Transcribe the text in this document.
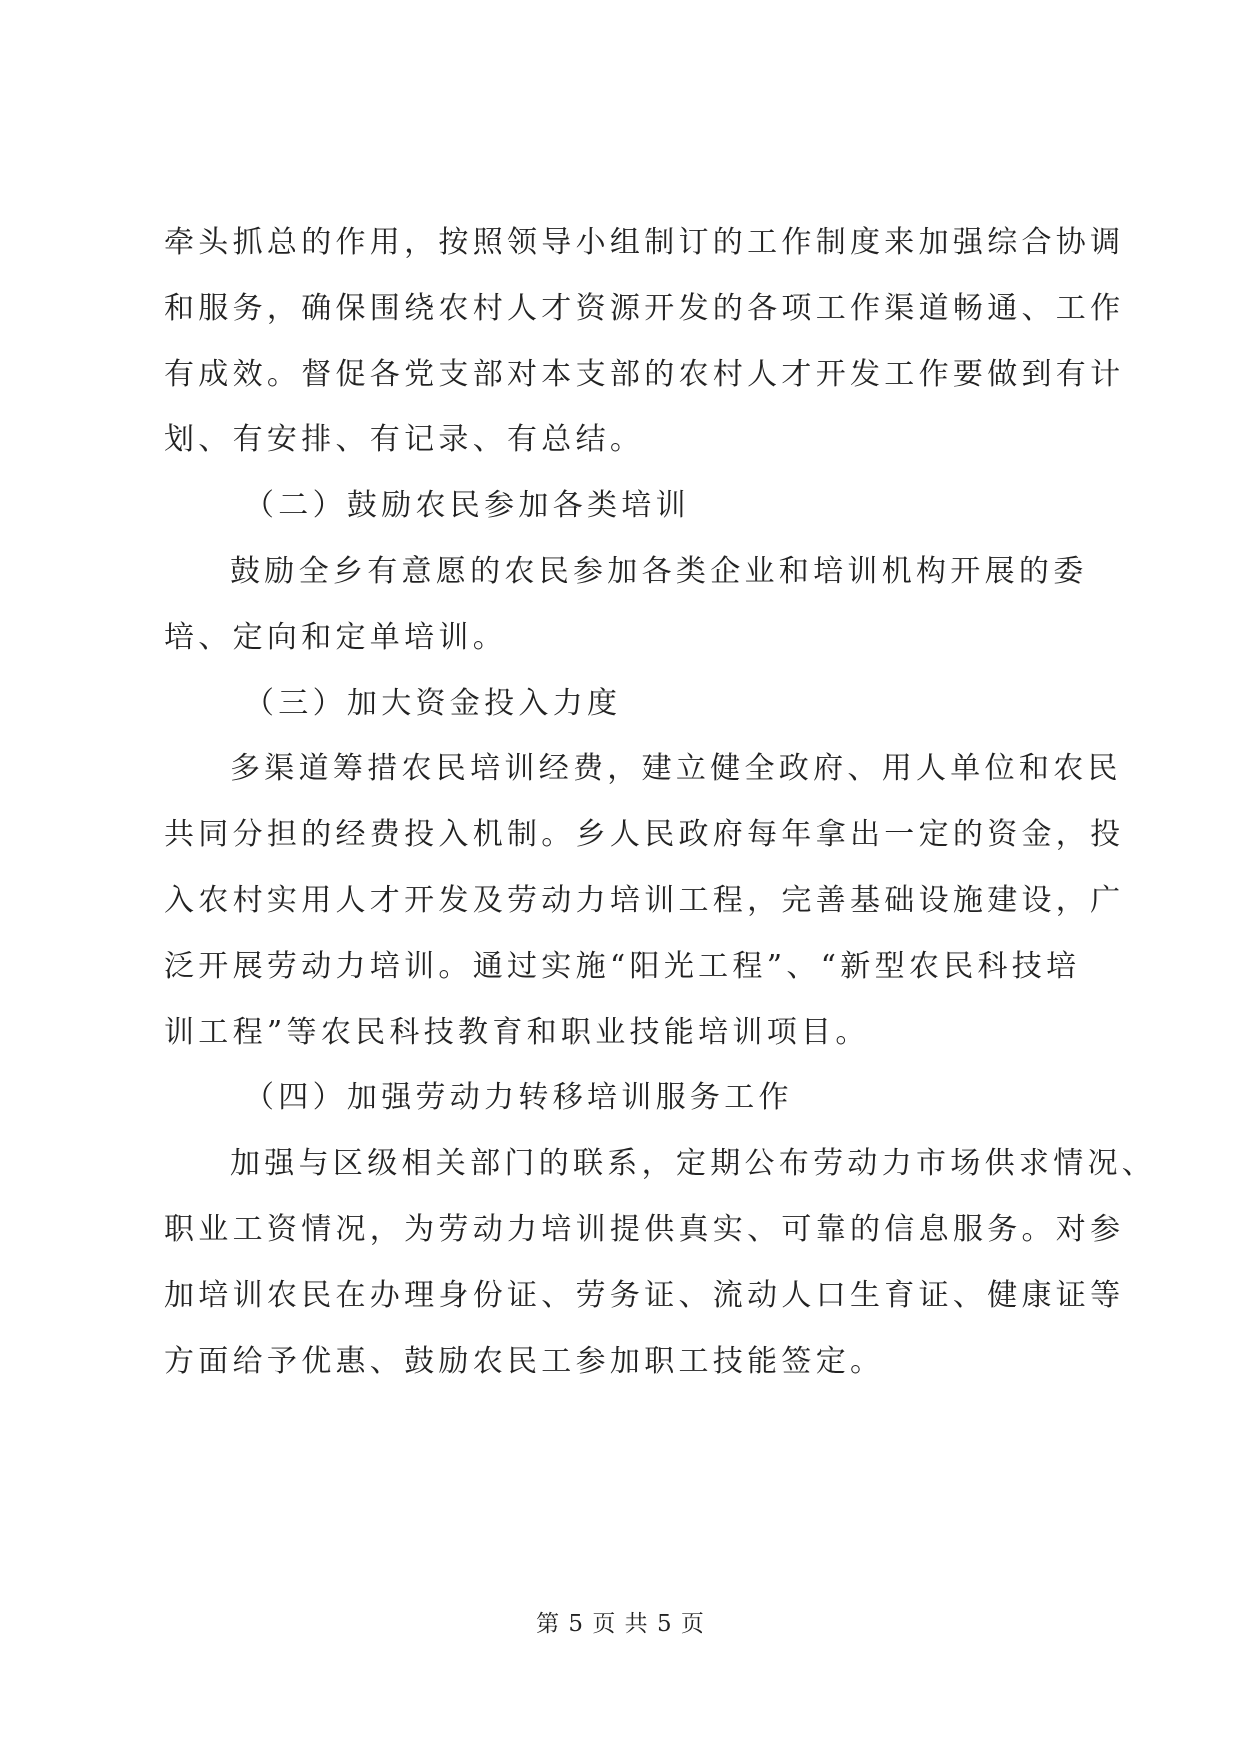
牵头抓总的作用，按照领导小组制订的工作制度来加强综合协调
和服务，确保围绕农村人才资源开发的各项工作渠道畅通、工作
有成效。督促各党支部对本支部的农村人才开发工作要做到有计
划、有安排、有记录、有总结。
（二）鼓励农民参加各类培训
鼓励全乡有意愿的农民参加各类企业和培训机构开展的委
培、定向和定单培训。
（三）加大资金投入力度
多渠道筹措农民培训经费，建立健全政府、用人单位和农民
共同分担的经费投入机制。乡人民政府每年拿出一定的资金，投
入农村实用人才开发及劳动力培训工程，完善基础设施建设，广
泛开展劳动力培训。通过实施“阳光工程”、“新型农民科技培
训工程”等农民科技教育和职业技能培训项目。
（四）加强劳动力转移培训服务工作
加强与区级相关部门的联系，定期公布劳动力市场供求情况、
职业工资情况，为劳动力培训提供真实、可靠的信息服务。对参
加培训农民在办理身份证、劳务证、流动人口生育证、健康证等
方面给予优惠、鼓励农民工参加职工技能签定。
第 5 页 共 5 页
